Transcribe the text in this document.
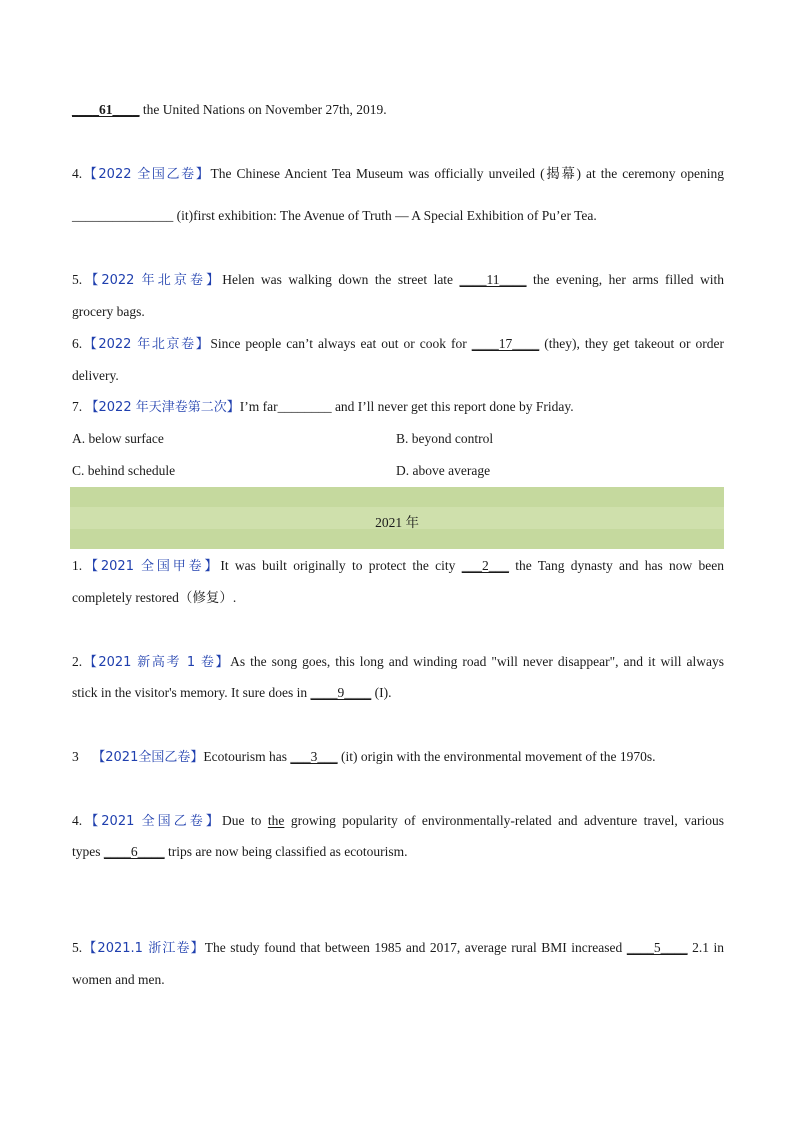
____61____ the United Nations on November 27th, 2019.
4.【2022 全国乙卷】The Chinese Ancient Tea Museum was officially unveiled (揭幕) at the ceremony opening
_______________ (it)first exhibition: The Avenue of Truth — A Special Exhibition of Pu’er Tea.
5.【2022 年北京卷】Helen was walking down the street late ____11____ the evening, her arms filled with
grocery bags.
6.【2022 年北京卷】Since people can’t always eat out or cook for ____17____ (they), they get takeout or order
delivery.
7. 【2022 年天津卷第二次】I’m far________ and I’ll never get this report done by Friday.
A. below surface	B. beyond control
C. behind schedule	D. above average
2021 年
1.【2021 全国甲卷】It was built originally to protect the city ___2___ the Tang dynasty and has now been
completely restored（修复）.
2.【2021 新高考 1 卷】As the song goes, this long and winding road "will never disappear", and it will always
stick in the visitor's memory. It sure does in ____9____ (I).
3 【2021全国乙卷】Ecotourism has ___3___ (it) origin with the environmental movement of the 1970s.
4.【2021 全国乙卷】Due to the growing popularity of environmentally-related and adventure travel, various
types ____6____ trips are now being classified as ecotourism.
5.【2021.1 浙江卷】The study found that between 1985 and 2017, average rural BMI increased ____5____ 2.1 in
women and men.
